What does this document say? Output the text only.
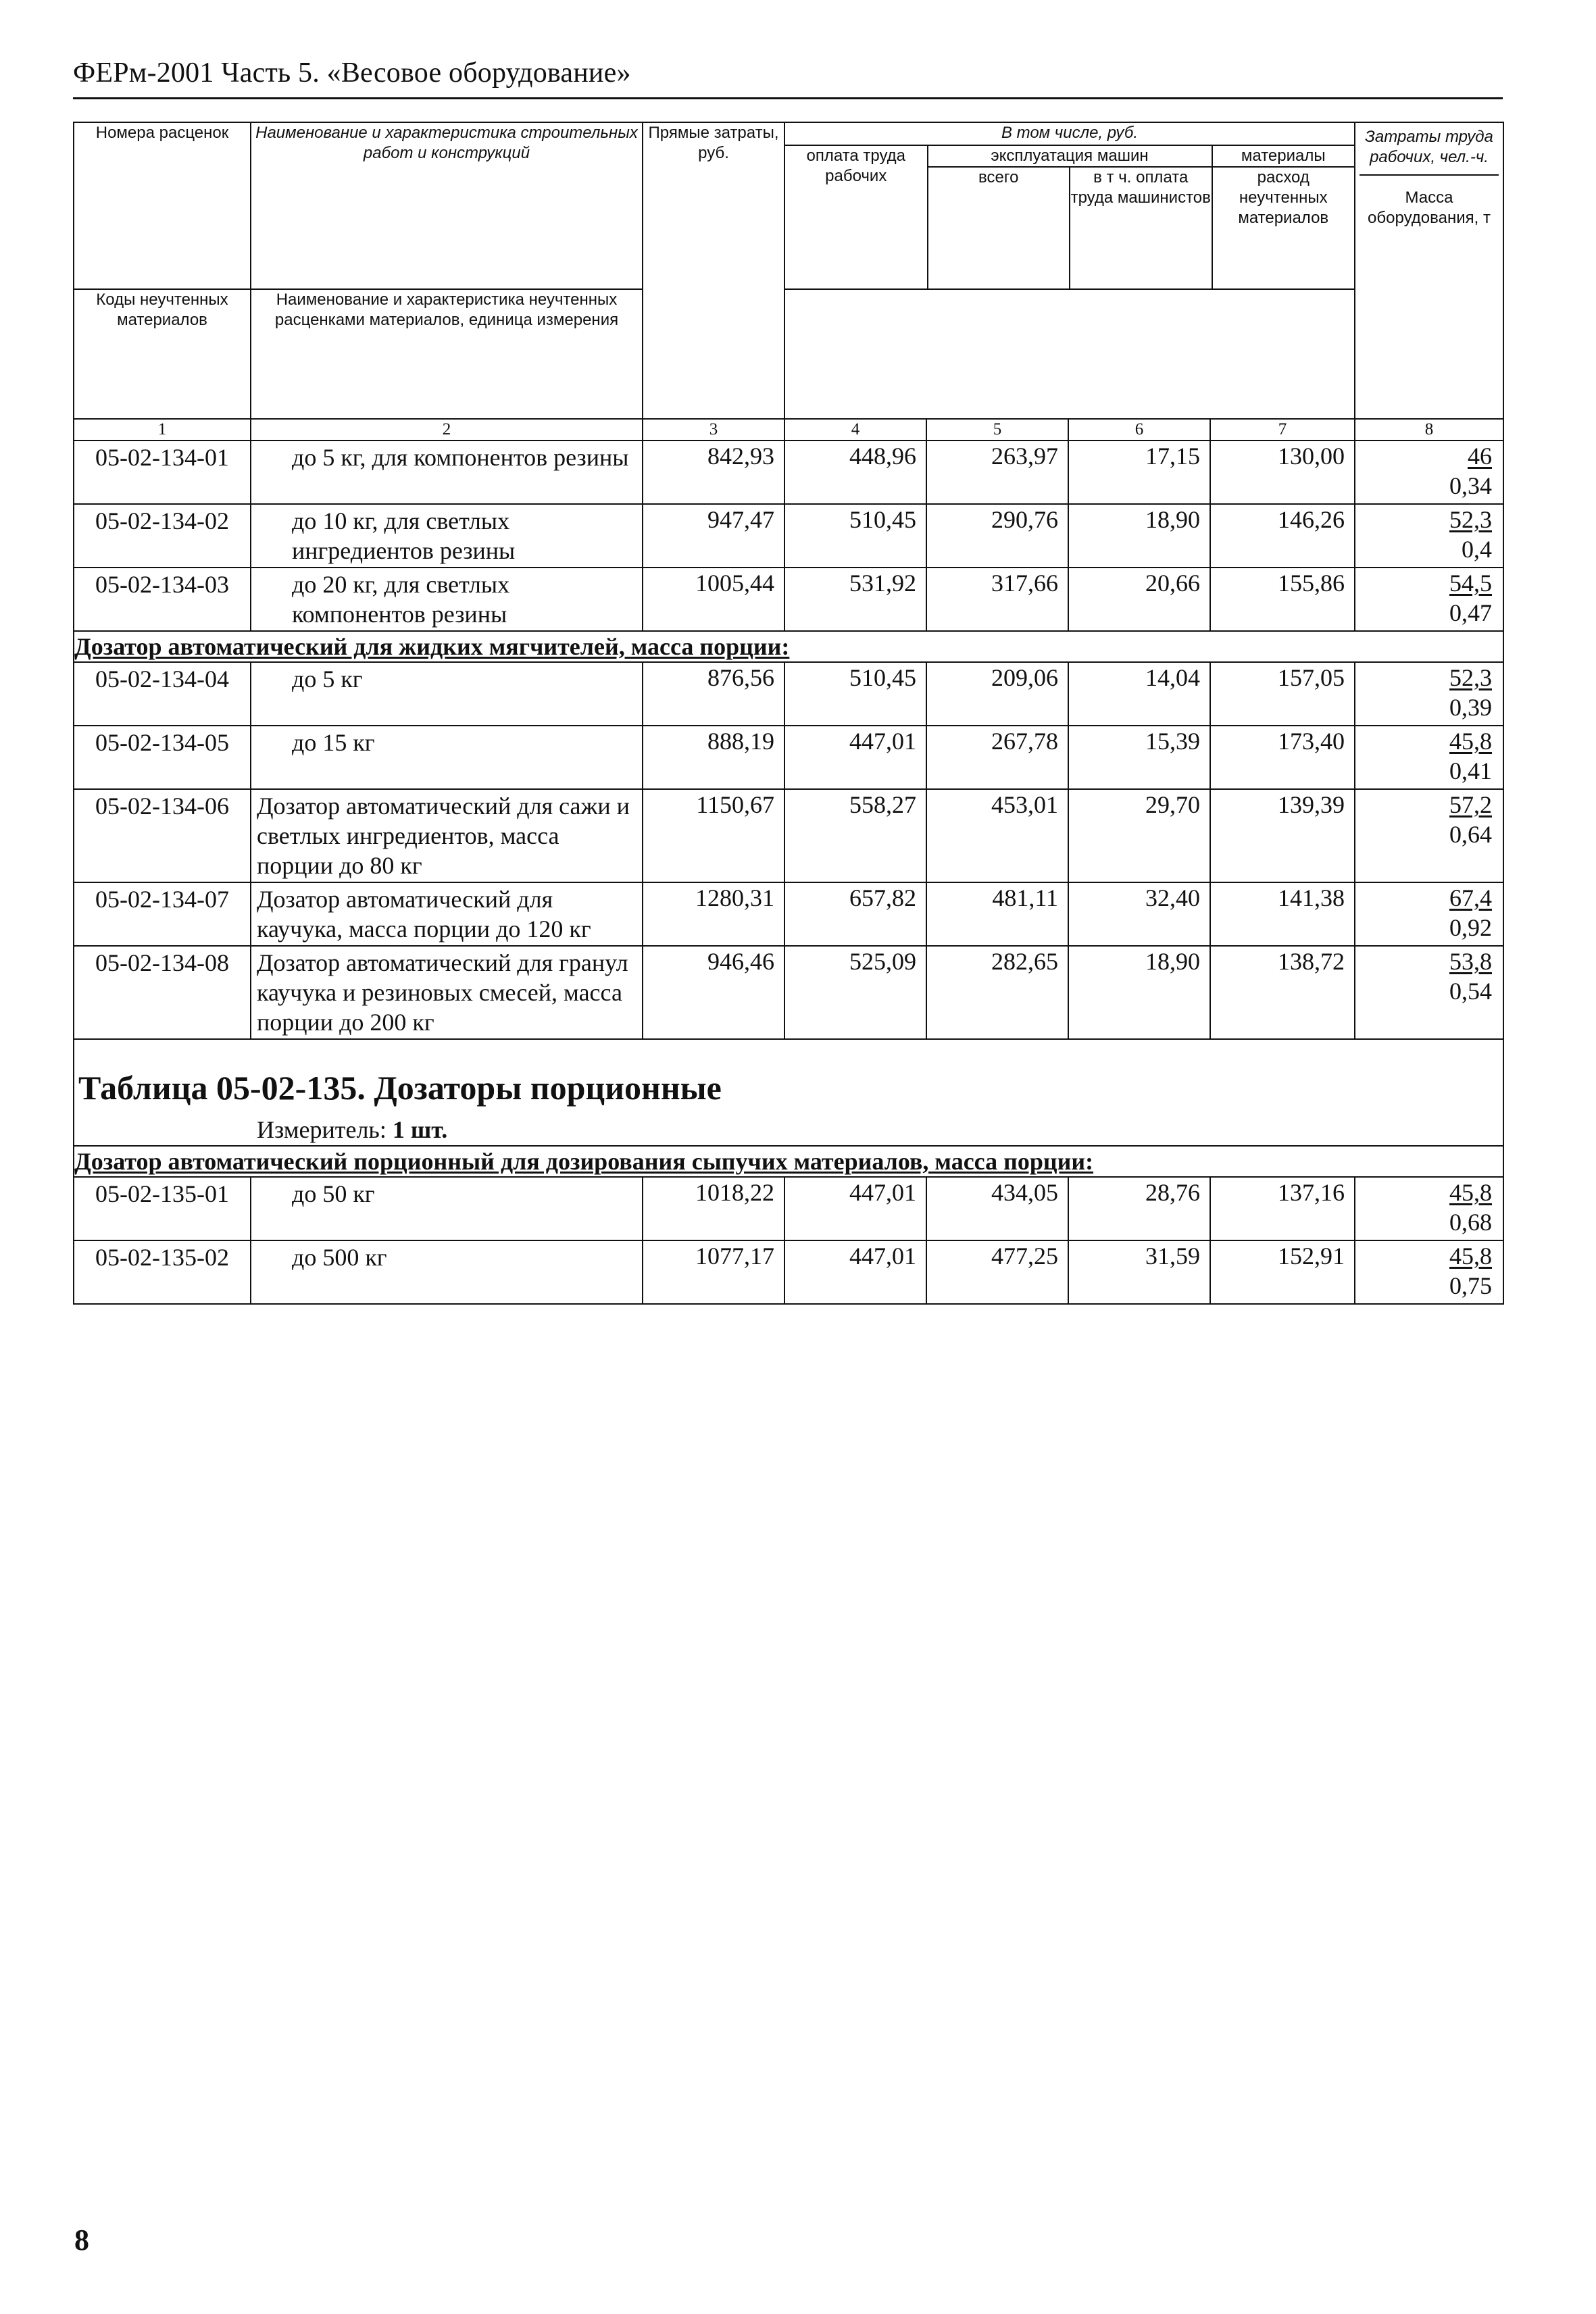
ФЕРм-2001 Часть 5. «Весовое оборудование»
Номера расценок	Наименование и характеристика строительных работ и конструкций	Прямые затраты, руб.	
В том числе, руб.
оплата труда рабочих	эксплуатация машин	материалы
всего	в т ч. оплата труда машинистов	расход неучтенных материалов

Затраты труда рабочих, чел.-ч.
Масса оборудования, т

Коды неучтенных материалов	Наименование и характеристика неучтенных расценками материалов, единица измерения
1	2	3	4	5	6	7	8
05-02-134-01	до 5 кг, для компонентов резины	842,93	448,96	263,97	17,15	130,00	46
0,34

05-02-134-02	до 10 кг, для светлых ингредиентов резины	947,47	510,45	290,76	18,90	146,26	52,3
0,4

05-02-134-03	до 20 кг, для светлых компонентов резины	1005,44	531,92	317,66	20,66	155,86	54,5
0,47

Дозатор автоматический для жидких мягчителей, масса порции:
05-02-134-04	до 5 кг	876,56	510,45	209,06	14,04	157,05	52,3
0,39

05-02-134-05	до 15 кг	888,19	447,01	267,78	15,39	173,40	45,8
0,41

05-02-134-06	Дозатор автоматический для сажи и светлых ингредиентов, масса порции до 80 кг	1150,67	558,27	453,01	29,70	139,39	57,2
0,64

05-02-134-07	Дозатор автоматический для каучука, масса порции до 120 кг	1280,31	657,82	481,11	32,40	141,38	67,4
0,92

05-02-134-08	Дозатор автоматический для гранул каучука и резиновых смесей, масса порции до 200 кг	946,46	525,09	282,65	18,90	138,72	53,8
0,54

Таблица 05-02-135. Дозаторы порционные
Измеритель: 1 шт.

Дозатор автоматический порционный для дозирования сыпучих материалов, масса порции:
05-02-135-01	до 50 кг	1018,22	447,01	434,05	28,76	137,16	45,8
0,68

05-02-135-02	до 500 кг	1077,17	447,01	477,25	31,59	152,91	45,8
0,75
8
